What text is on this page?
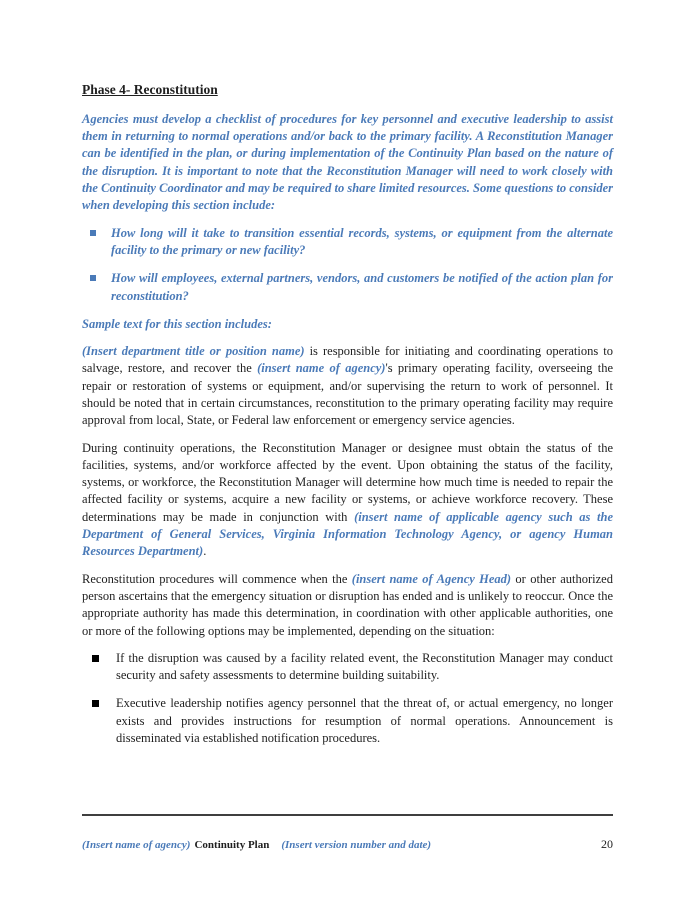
Phase 4- Reconstitution

Agencies must develop a checklist of procedures for key personnel and executive leadership to assist them in returning to normal operations and/or back to the primary facility. A Reconstitution Manager can be identified in the plan, or during implementation of the Continuity Plan based on the nature of the disruption. It is important to note that the Reconstitution Manager will need to work closely with the Continuity Coordinator and may be required to share limited resources. Some questions to consider when developing this section include:

How long will it take to transition essential records, systems, or equipment from the alternate facility to the primary or new facility?
How will employees, external partners, vendors, and customers be notified of the action plan for reconstitution?

Sample text for this section includes:

(Insert department title or position name) is responsible for initiating and coordinating operations to salvage, restore, and recover the (insert name of agency)'s primary operating facility, overseeing the repair or restoration of systems or equipment, and/or supervising the return to work of personnel. It should be noted that in certain circumstances, reconstitution to the primary operating facility may require approval from local, State, or Federal law enforcement or emergency service agencies.

During continuity operations, the Reconstitution Manager or designee must obtain the status of the facilities, systems, and/or workforce affected by the event. Upon obtaining the status of the facility, systems, or workforce, the Reconstitution Manager will determine how much time is needed to repair the affected facility or systems, acquire a new facility or systems, or achieve workforce recovery. These determinations may be made in conjunction with (insert name of applicable agency such as the Department of General Services, Virginia Information Technology Agency, or agency Human Resources Department).

Reconstitution procedures will commence when the (insert name of Agency Head) or other authorized person ascertains that the emergency situation or disruption has ended and is unlikely to reoccur. Once the appropriate authority has made this determination, in coordination with other applicable authorities, one or more of the following options may be implemented, depending on the situation:

If the disruption was caused by a facility related event, the Reconstitution Manager may conduct security and safety assessments to determine building suitability.
Executive leadership notifies agency personnel that the threat of, or actual emergency, no longer exists and provides instructions for resumption of normal operations. Announcement is disseminated via established notification procedures.
(Insert name of agency) Continuity Plan (Insert version number and date)	20
